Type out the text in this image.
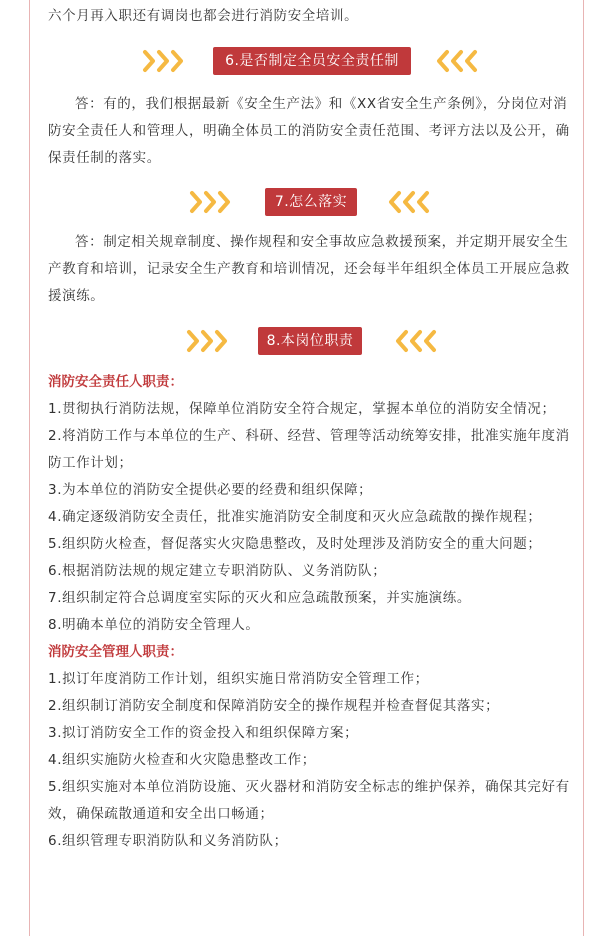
六个月再入职还有调岗也都会进行消防安全培训。

6.是否制定全员安全责任制

答：有的，我们根据最新《安全生产法》和《XX省安全生产条例》，分岗位对消防安全责任人和管理人，明确全体员工的消防安全责任范围、考评方法以及公开，确保责任制的落实。

7.怎么落实

答：制定相关规章制度、操作规程和安全事故应急救援预案，并定期开展安全生产教育和培训，记录安全生产教育和培训情况，还会每半年组织全体员工开展应急救援演练。

8.本岗位职责

消防安全责任人职责：

1.贯彻执行消防法规，保障单位消防安全符合规定，掌握本单位的消防安全情况；

2.将消防工作与本单位的生产、科研、经营、管理等活动统筹安排，批准实施年度消防工作计划；

3.为本单位的消防安全提供必要的经费和组织保障；

4.确定逐级消防安全责任，批准实施消防安全制度和灭火应急疏散的操作规程；

5.组织防火检查，督促落实火灾隐患整改，及时处理涉及消防安全的重大问题；

6.根据消防法规的规定建立专职消防队、义务消防队；

7.组织制定符合总调度室实际的灭火和应急疏散预案，并实施演练。

8.明确本单位的消防安全管理人。

消防安全管理人职责：

1.拟订年度消防工作计划，组织实施日常消防安全管理工作；

2.组织制订消防安全制度和保障消防安全的操作规程并检查督促其落实；

3.拟订消防安全工作的资金投入和组织保障方案；

4.组织实施防火检查和火灾隐患整改工作；

5.组织实施对本单位消防设施、灭火器材和消防安全标志的维护保养，确保其完好有效，确保疏散通道和安全出口畅通；

6.组织管理专职消防队和义务消防队；
